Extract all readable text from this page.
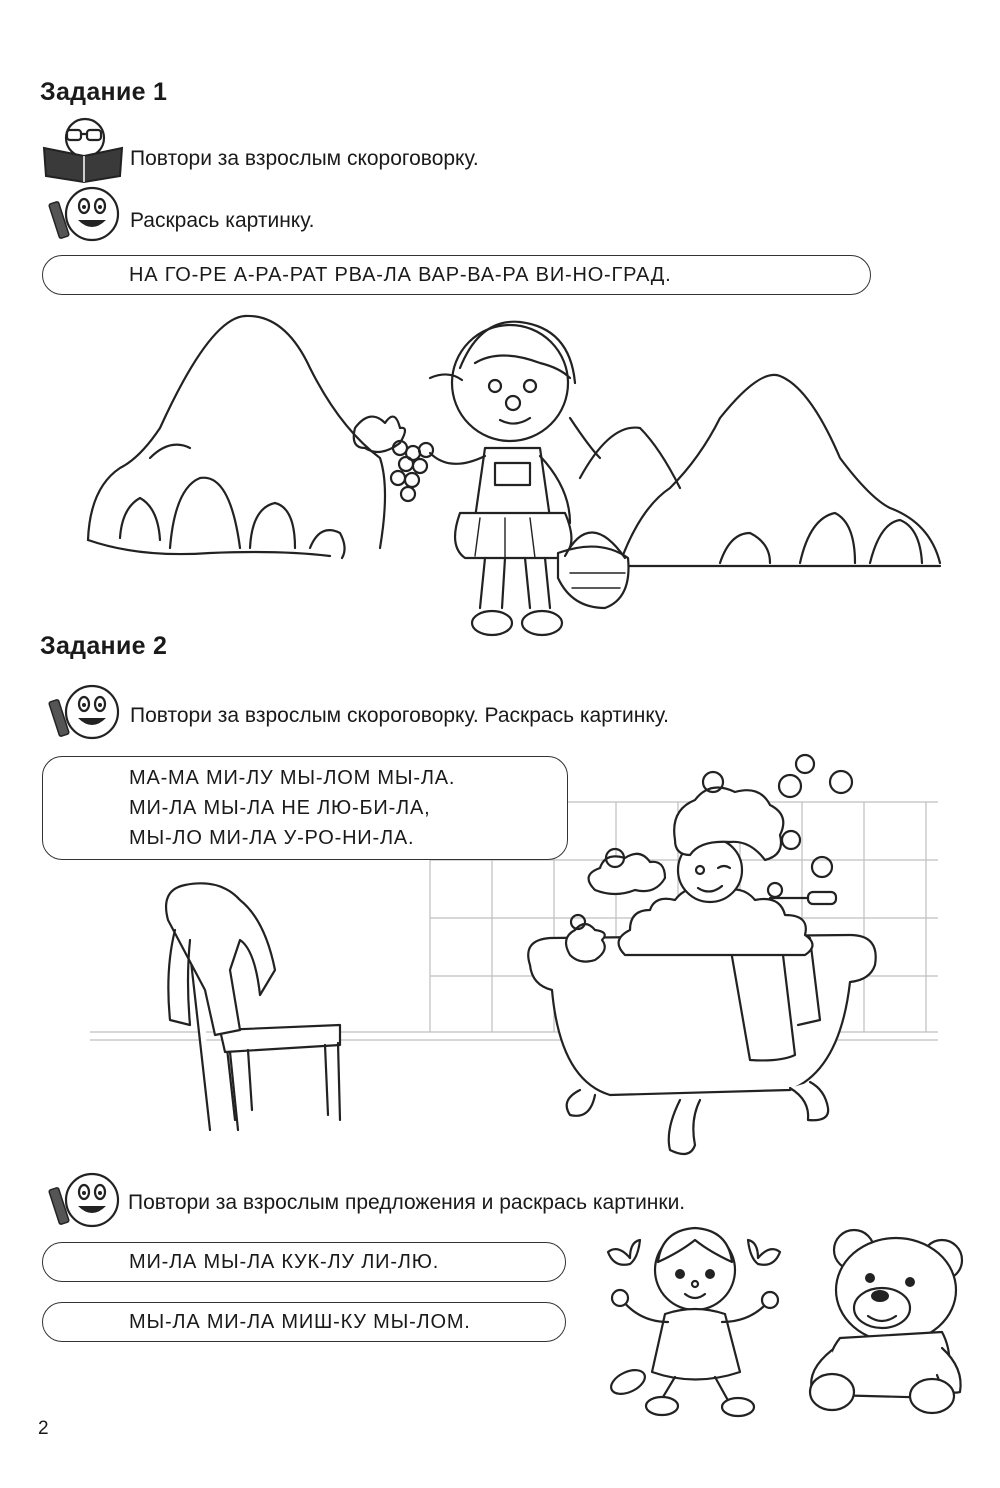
Задание 1
Повтори за взрослым скороговорку.
Раскрась картинку.
НА ГО-РЕ А-РА-РАТ РВА-ЛА ВАР-ВА-РА ВИ-НО-ГРАД.
Задание 2
Повтори за взрослым скороговорку. Раскрась картинку.
МА-МА МИ-ЛУ МЫ-ЛОМ МЫ-ЛА.
МИ-ЛА МЫ-ЛА НЕ ЛЮ-БИ-ЛА,
МЫ-ЛО МИ-ЛА У-РО-НИ-ЛА.
Повтори за взрослым предложения и раскрась картинки.
МИ-ЛА МЫ-ЛА КУК-ЛУ ЛИ-ЛЮ.
МЫ-ЛА МИ-ЛА МИШ-КУ МЫ-ЛОМ.
2
